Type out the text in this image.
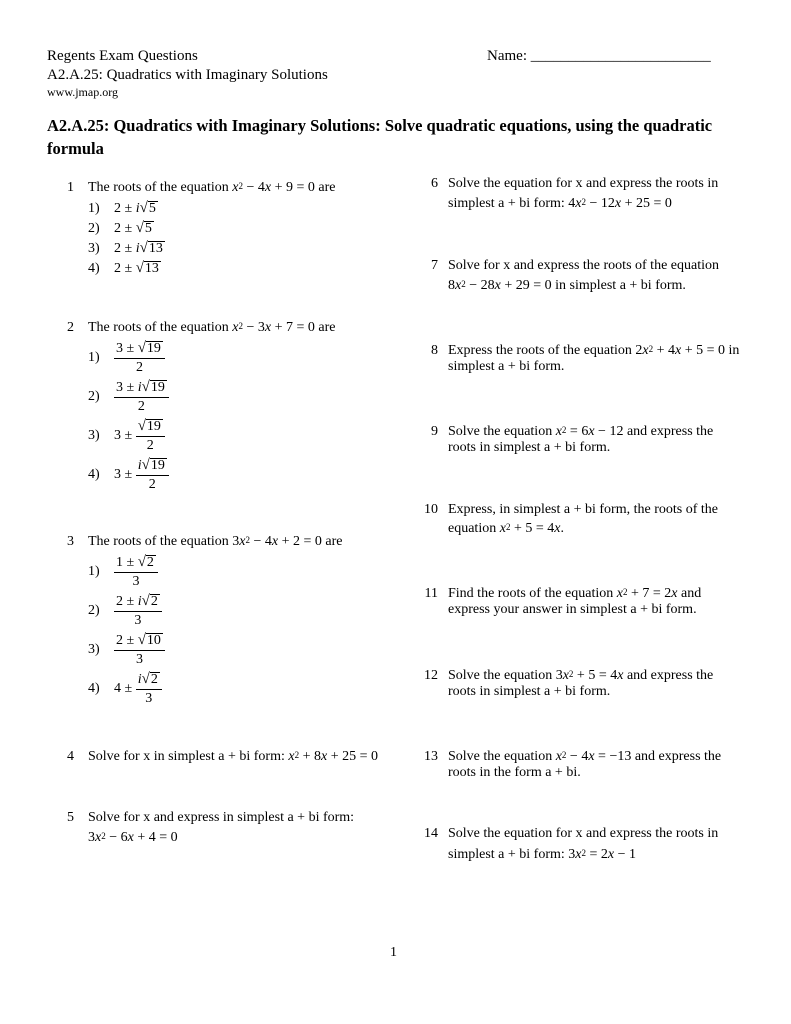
Regents Exam Questions
A2.A.25: Quadratics with Imaginary Solutions
www.jmap.org
Name: ________________________
A2.A.25: Quadratics with Imaginary Solutions: Solve quadratic equations, using the quadratic formula
1 The roots of the equation $x^2 - 4x + 9 = 0$ are
1) 2 ± i√5
2) 2 ± √5
3) 2 ± i√13
4) 2 ± √13
2 The roots of the equation $x^2 - 3x + 7 = 0$ are
$1) \frac{3 \pm √19}{2}$
$2) \frac{3 \pm i√19}{2}$
3) $3 \pm \frac{√19}{2}$
4) $3 \pm \frac{i√19}{2}$
3 The roots of the equation $3x^2 - 4x + 2 = 0$ are
$1) \frac{1 \pm √2}{3}$
$2) \frac{2 \pm i√2}{3}$
$3) \frac{2 \pm √10}{3}$
4) $4 \pm \frac{i√2}{3}$
4 Solve for x in simplest a + bi form: $x^2 + 8x + 25 = 0$
5 Solve for x and express in simplest a + bi form:
$3x^2 - 6x + 4 = 0$
6 Solve the equation for x and express the roots in
simplest a + bi form: $4x^2 - 12x + 25 = 0$
7 Solve for x and express the roots of the equation
$8x^2 - 28x + 29 = 0$ in simplest a + bi form.
8 Express the roots of the equation $2x^2 + 4x + 5 = 0$ in
simplest a + bi form.
9 Solve the equation $x^2 = 6x - 12$ and express the
roots in simplest a + bi form.
10 Express, in simplest a + bi form, the roots of the
equation $x^2 + 5 = 4x$.
11 Find the roots of the equation $x^2 + 7 = 2x$ and
express your answer in simplest a + bi form.
12 Solve the equation $3x^2 + 5 = 4x$ and express the
roots in simplest a + bi form.
13 Solve the equation $x^2 - 4x = -13$ and express the
roots in the form a + bi.
14 Solve the equation for x and express the roots in
simplest a + bi form: $3x^2 = 2x - 1$
1
